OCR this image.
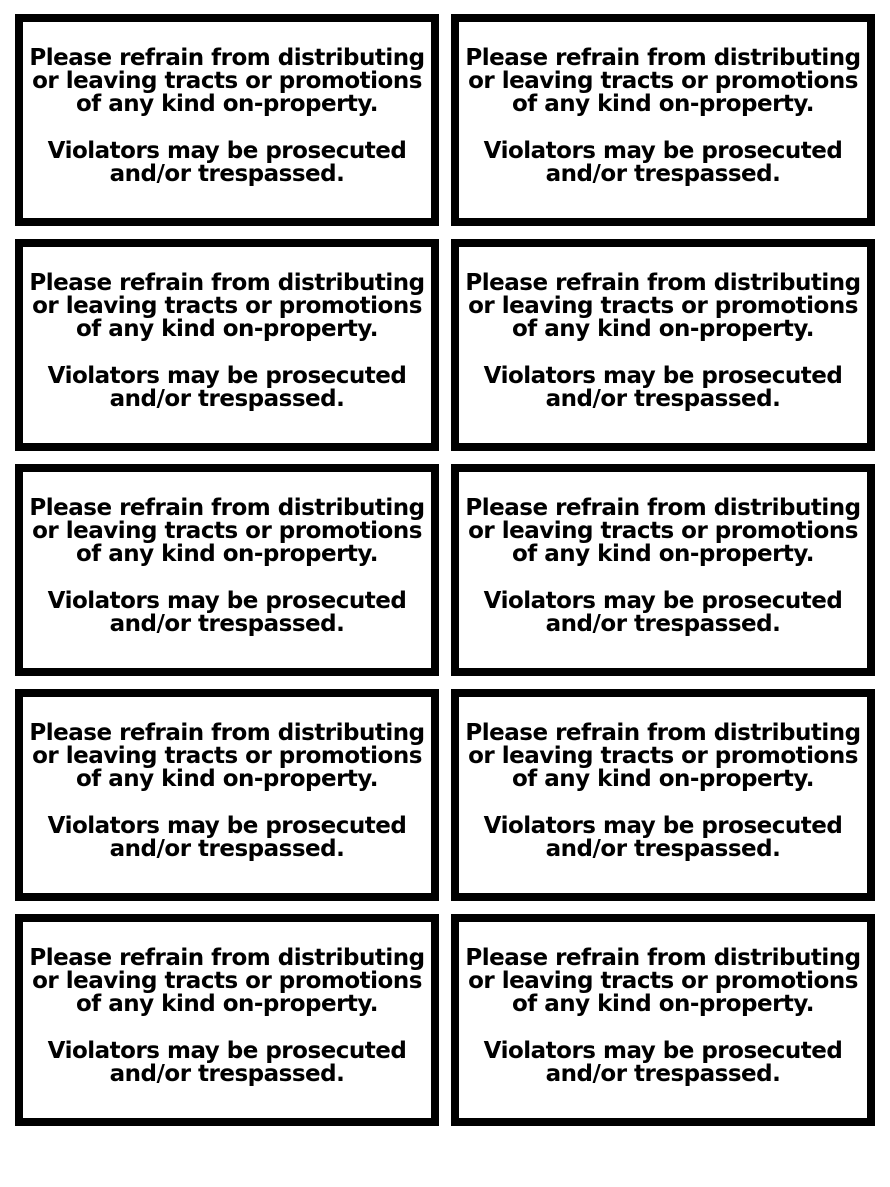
Please refrain from distributing
or leaving tracts or promotions
of any kind on-property.
Violators may be prosecuted
and/or trespassed.
Please refrain from distributing
or leaving tracts or promotions
of any kind on-property.
Violators may be prosecuted
and/or trespassed.
Please refrain from distributing
or leaving tracts or promotions
of any kind on-property.
Violators may be prosecuted
and/or trespassed.
Please refrain from distributing
or leaving tracts or promotions
of any kind on-property.
Violators may be prosecuted
and/or trespassed.
Please refrain from distributing
or leaving tracts or promotions
of any kind on-property.
Violators may be prosecuted
and/or trespassed.
Please refrain from distributing
or leaving tracts or promotions
of any kind on-property.
Violators may be prosecuted
and/or trespassed.
Please refrain from distributing
or leaving tracts or promotions
of any kind on-property.
Violators may be prosecuted
and/or trespassed.
Please refrain from distributing
or leaving tracts or promotions
of any kind on-property.
Violators may be prosecuted
and/or trespassed.
Please refrain from distributing
or leaving tracts or promotions
of any kind on-property.
Violators may be prosecuted
and/or trespassed.
Please refrain from distributing
or leaving tracts or promotions
of any kind on-property.
Violators may be prosecuted
and/or trespassed.
